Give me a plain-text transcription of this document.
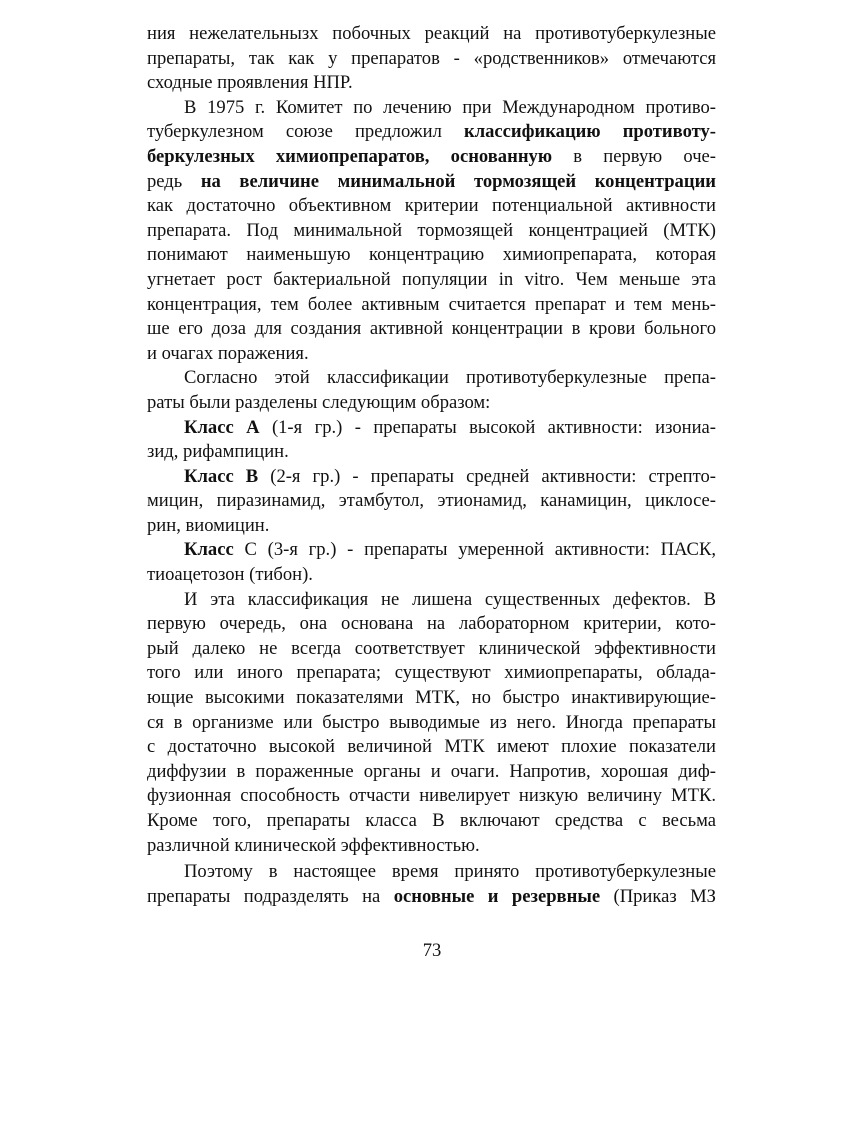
ния нежелательнызх побочных реакций на противотуберкулезные
препараты, так как у препаратов - «родственников» отмечаются
сходные проявления НПР.
В 1975 г. Комитет по лечению при Международном противо-
туберкулезном союзе предложил классификацию противоту-
беркулезных химиопрепаратов, основанную в первую оче-
редь на величине минимальной тормозящей концентрации
как достаточно объективном критерии потенциальной активности
препарата. Под минимальной тормозящей концентрацией (МТК)
понимают наименьшую концентрацию химиопрепарата, которая
угнетает рост бактериальной популяции in vitro. Чем меньше эта
концентрация, тем более активным считается препарат и тем мень-
ше его доза для создания активной концентрации в крови больного
и очагах поражения.
Согласно этой классификации противотуберкулезные препа-
раты были разделены следующим образом:
Класс А (1-я гр.) - препараты высокой активности: изониа-
зид, рифампицин.
Класс В (2-я гр.) - препараты средней активности: стрепто-
мицин, пиразинамид, этамбутол, этионамид, канамицин, циклосе-
рин, виомицин.
Класс С (3-я гр.) - препараты умеренной активности: ПАСК,
тиоацетозон (тибон).
И эта классификация не лишена существенных дефектов. В
первую очередь, она основана на лабораторном критерии, кото-
рый далеко не всегда соответствует клинической эффективности
того или иного препарата; существуют химиопрепараты, облада-
ющие высокими показателями МТК, но быстро инактивирующие-
ся в организме или быстро выводимые из него. Иногда препараты
с достаточно высокой величиной МТК имеют плохие показатели
диффузии в пораженные органы и очаги. Напротив, хорошая диф-
фузионная способность отчасти нивелирует низкую величину МТК.
Кроме того, препараты класса В включают средства с весьма
различной клинической эффективностью.
Поэтому в настоящее время принято противотуберкулезные
препараты подразделять на основные и резервные (Приказ МЗ
73
